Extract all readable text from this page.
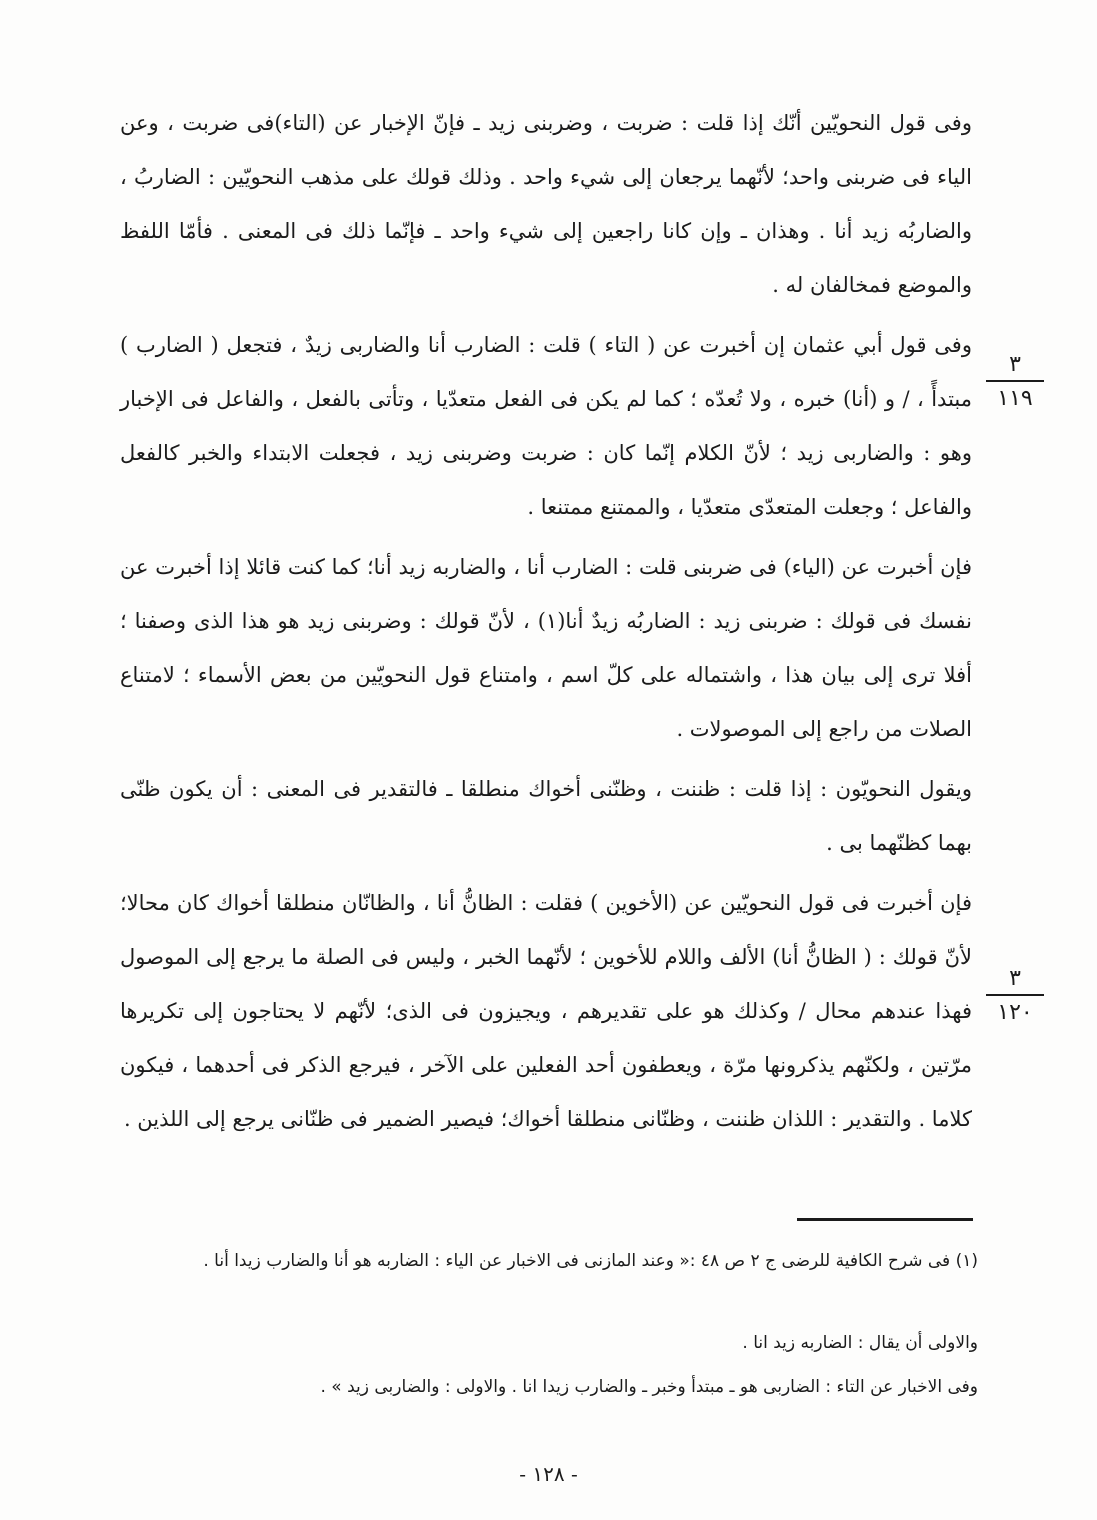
وفى قول النحويّين أنّك إذا قلت : ضربت ، وضربنى زيد ـ فإنّ الإخبار عن (التاء)فى ضربت ، وعن الياء فى ضربنى واحد؛ لأنّهما يرجعان إلى شيء واحد . وذلك قولك على مذهب النحويّين : الضاربُ ، والضاربُه زيد أنا . وهذان ـ وإن كانا راجعين إلى شيء واحد ـ فإنّما ذلك فى المعنى . فأمّا اللفظ والموضع فمخالفان له .

وفى قول أبي عثمان إن أخبرت عن ( التاء ) قلت : الضارب أنا والضاربى زيدٌ ، فتجعل ( الضارب ) مبتدأً ، / و (أنا) خبره ، ولا تُعدّه ؛ كما لم يكن فى الفعل متعدّيا ، وتأتى بالفعل ، والفاعل فى الإخبار وهو : والضاربى زيد ؛ لأنّ الكلام إنّما كان : ضربت وضربنى زيد ، فجعلت الابتداء والخبر كالفعل والفاعل ؛ وجعلت المتعدّى متعدّيا ، والممتنع ممتنعا .

٣
١١٩

فإن أخبرت عن (الياء) فى ضربنى قلت : الضارب أنا ، والضاربه زيد أنا؛ كما كنت قائلا إذا أخبرت عن نفسك فى قولك : ضربنى زيد : الضاربُه زيدٌ أنا(١) ، لأنّ قولك : وضربنى زيد هو هذا الذى وصفنا ؛ أفلا ترى إلى بيان هذا ، واشتماله على كلّ اسم ، وامتناع قول النحويّين من بعض الأسماء ؛ لامتناع الصلات من راجع إلى الموصولات .

ويقول النحويّون : إذا قلت : ظننت ، وظنّنى أخواك منطلقا ـ فالتقدير فى المعنى : أن يكون ظنّى بهما كظنّهما بى .

فإن أخبرت فى قول النحويّين عن (الأخوين ) فقلت : الظانُّ أنا ، والظانّان منطلقا أخواك كان محالا؛ لأنّ قولك : ( الظانُّ أنا) الألف واللام للأخوين ؛ لأنّهما الخبر ، وليس فى الصلة ما يرجع إلى الموصول فهذا عندهم محال / وكذلك هو على تقديرهم ، ويجيزون فى الذى؛ لأنّهم لا يحتاجون إلى تكريرها مرّتين ، ولكنّهم يذكرونها مرّة ، ويعطفون أحد الفعلين على الآخر ، فيرجع الذكر فى أحدهما ، فيكون كلاما . والتقدير : اللذان ظننت ، وظنّانى منطلقا أخواك؛ فيصير الضمير فى ظنّانى يرجع إلى اللذين .

٣
١٢٠

(١) فى شرح الكافية للرضى ج ٢ ص ٤٨ :« وعند المازنى فى الاخبار عن الياء : الضاربه هو أنا والضارب زيدا أنا .

والاولى أن يقال : الضاربه زيد انا .

وفى الاخبار عن التاء : الضاربى هو ـ مبتدأ وخبر ـ والضارب زيدا انا . والاولى : والضاربى زيد » .

- ١٢٨ -
